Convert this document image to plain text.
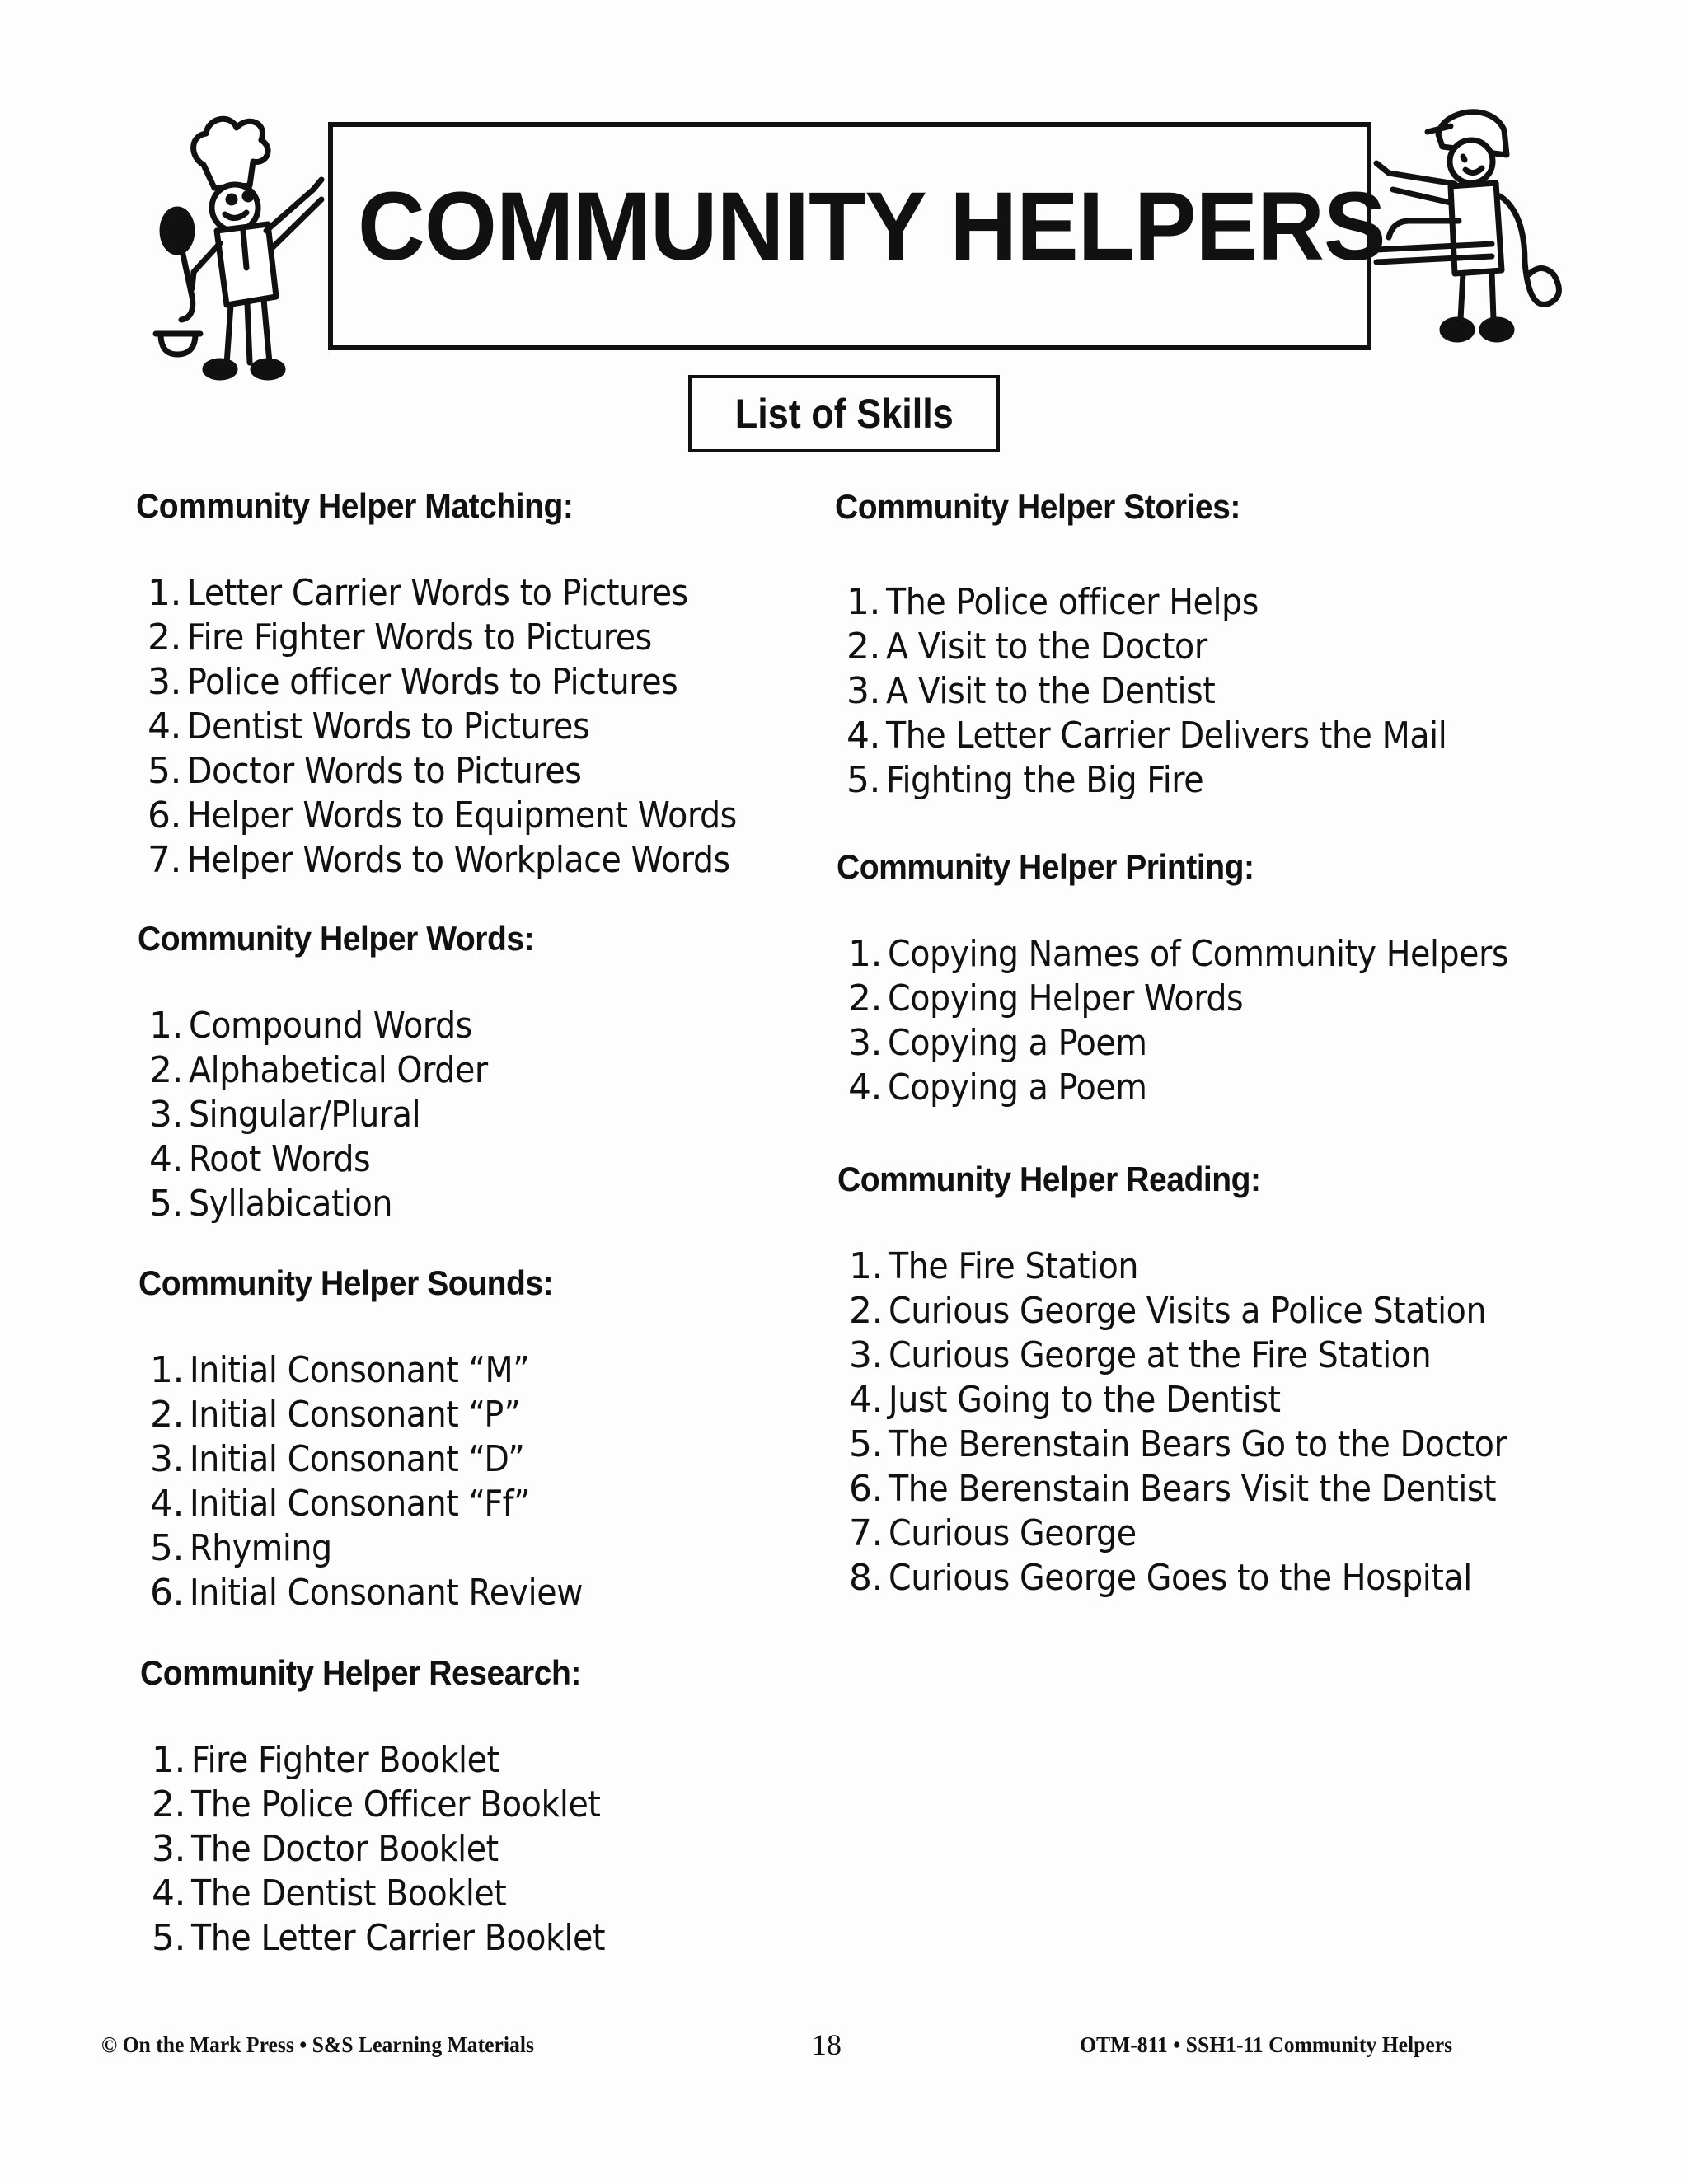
COMMUNITY HELPERS
List of Skills
Community Helper Matching:
1. Letter Carrier Words to Pictures
2. Fire Fighter Words to Pictures
3. Police officer Words to Pictures
4. Dentist Words to Pictures
5. Doctor Words to Pictures
6. Helper Words to Equipment Words
7. Helper Words to Workplace Words
Community Helper Words:
1. Compound Words
2. Alphabetical Order
3. Singular/Plural
4. Root Words
5. Syllabication
Community Helper Sounds:
1. Initial Consonant “M”
2. Initial Consonant “P”
3. Initial Consonant “D”
4. Initial Consonant “Ff”
5. Rhyming
6. Initial Consonant Review
Community Helper Research:
1. Fire Fighter Booklet
2. The Police Officer Booklet
3. The Doctor Booklet
4. The Dentist Booklet
5. The Letter Carrier Booklet
Community Helper Stories:
1. The Police officer Helps
2. A Visit to the Doctor
3. A Visit to the Dentist
4. The Letter Carrier Delivers the Mail
5. Fighting the Big Fire
Community Helper Printing:
1. Copying Names of Community Helpers
2. Copying Helper Words
3. Copying a Poem
4. Copying a Poem
Community Helper Reading:
1. The Fire Station
2. Curious George Visits a Police Station
3. Curious George at the Fire Station
4. Just Going to the Dentist
5. The Berenstain Bears Go to the Doctor
6. The Berenstain Bears Visit the Dentist
7. Curious George
8. Curious George Goes to the Hospital
© On the Mark Press • S&S Learning Materials	18	OTM-811 • SSH1-11 Community Helpers
